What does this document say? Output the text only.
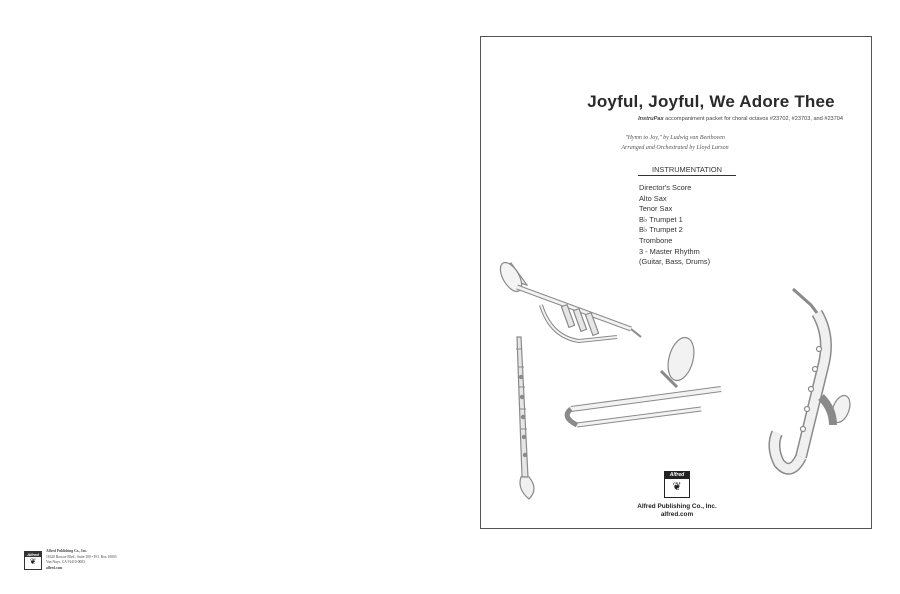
Alfred
❦
Alfred Publishing Co., Inc.
16320 Roscoe Blvd., Suite 100 • P.O. Box 10003
Van Nuys, CA 91410-0003
alfred.com
Joyful, Joyful, We Adore Thee
InstruPax accompaniment packet for choral octavos #23702, #23703, and #23704
"Hymn to Joy," by Ludwig van Beethoven
Arranged and Orchestrated by Lloyd Larson
INSTRUMENTATION
Director's Score
Alto Sax
Tenor Sax
B♭ Trumpet 1
B♭ Trumpet 2
Trombone
3 - Master Rhythm
(Guitar, Bass, Drums)
Alfred
❦
Alfred Publishing Co., Inc.
alfred.com
